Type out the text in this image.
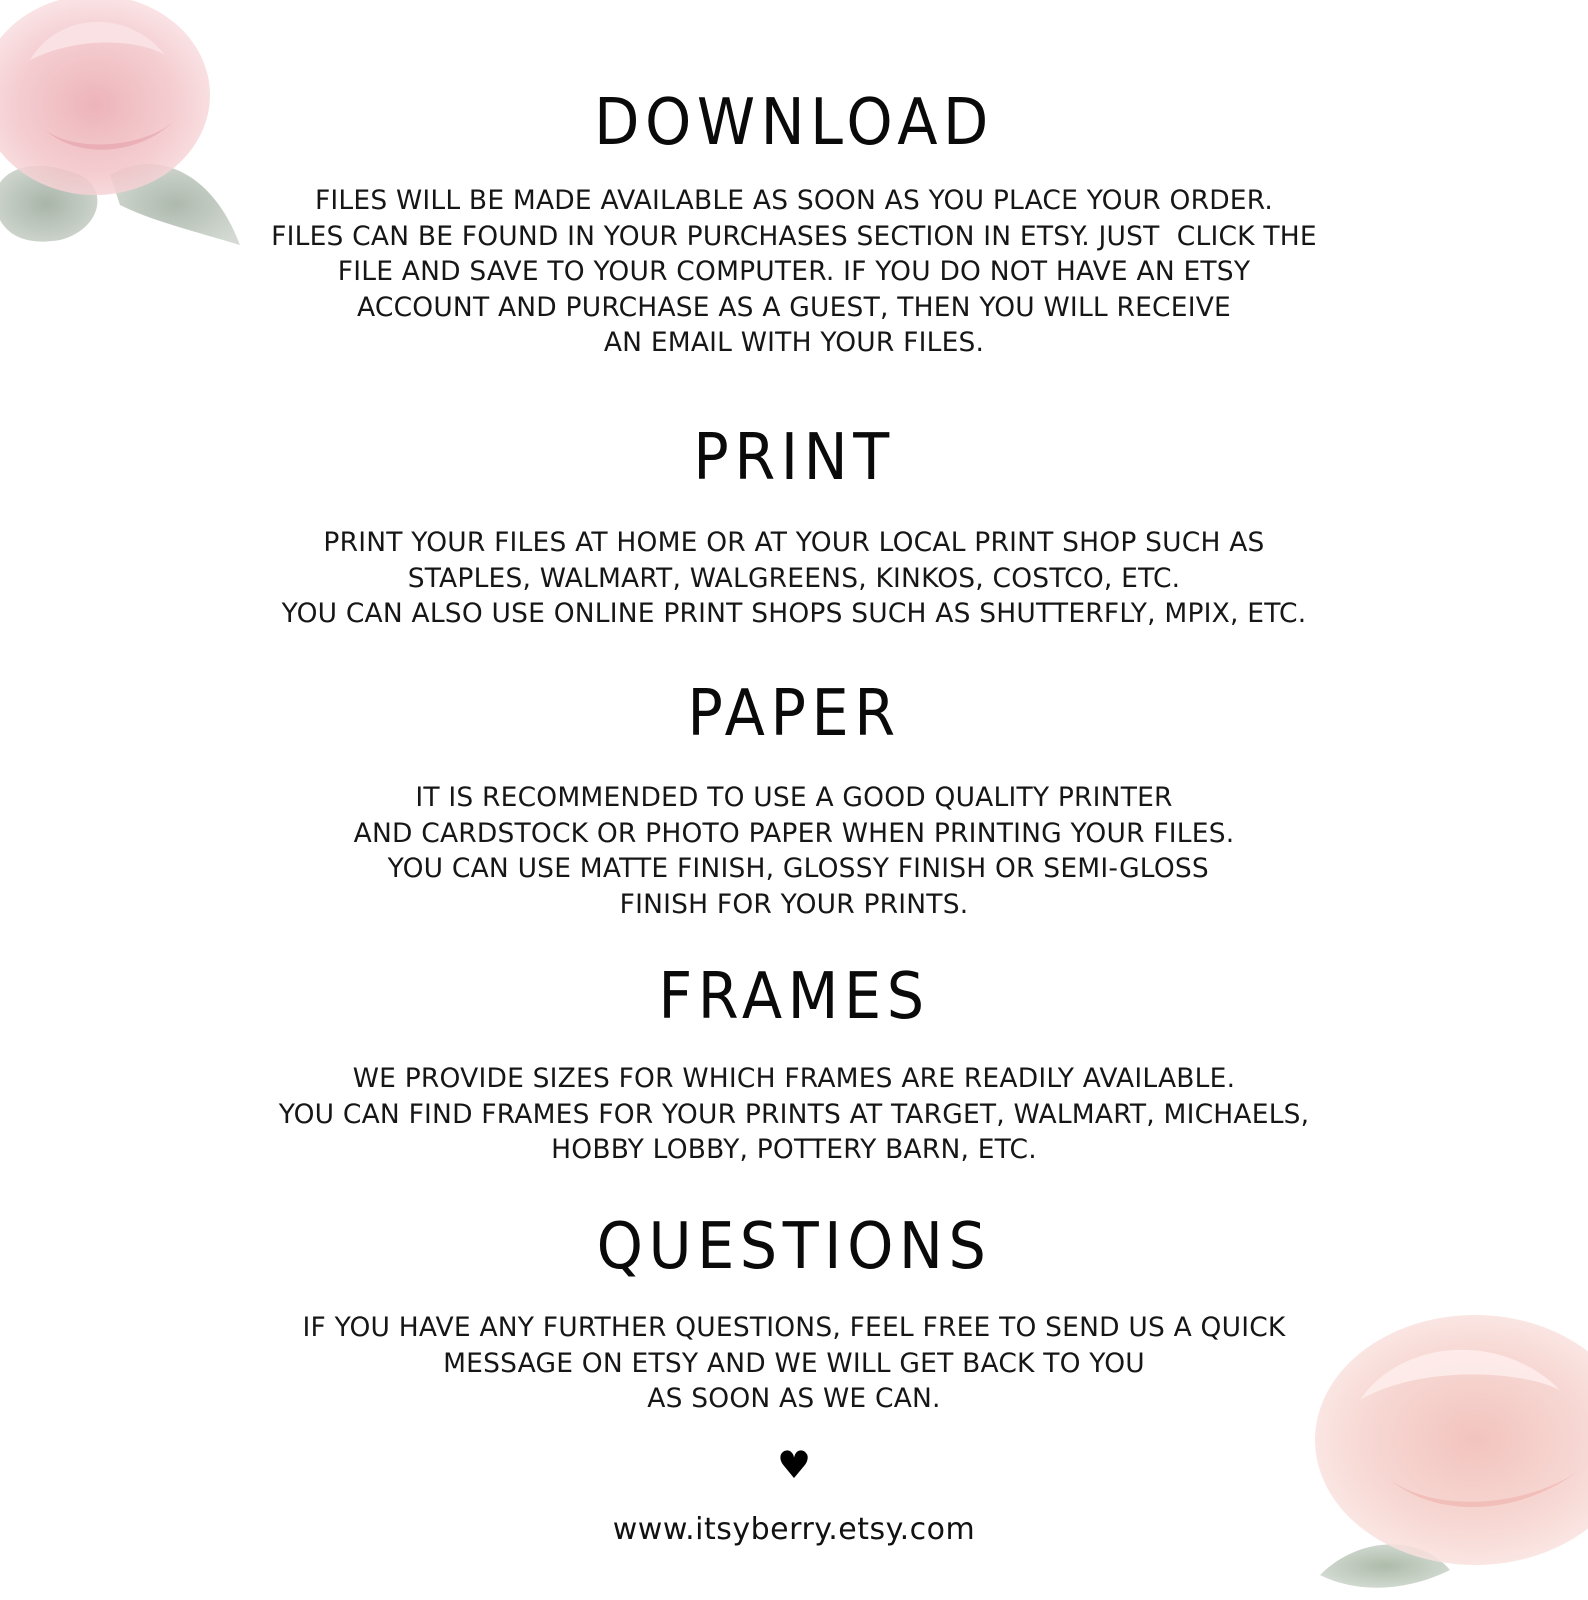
DOWNLOAD
FILES WILL BE MADE AVAILABLE AS SOON AS YOU PLACE YOUR ORDER.
FILES CAN BE FOUND IN YOUR PURCHASES SECTION IN ETSY. JUST  CLICK THE
FILE AND SAVE TO YOUR COMPUTER. IF YOU DO NOT HAVE AN ETSY
ACCOUNT AND PURCHASE AS A GUEST, THEN YOU WILL RECEIVE
AN EMAIL WITH YOUR FILES.
PRINT
PRINT YOUR FILES AT HOME OR AT YOUR LOCAL PRINT SHOP SUCH AS
STAPLES, WALMART, WALGREENS, KINKOS, COSTCO, ETC.
YOU CAN ALSO USE ONLINE PRINT SHOPS SUCH AS SHUTTERFLY, MPIX, ETC.
PAPER
IT IS RECOMMENDED TO USE A GOOD QUALITY PRINTER
AND CARDSTOCK OR PHOTO PAPER WHEN PRINTING YOUR FILES.
YOU CAN USE MATTE FINISH, GLOSSY FINISH OR SEMI-GLOSS
FINISH FOR YOUR PRINTS.
FRAMES
WE PROVIDE SIZES FOR WHICH FRAMES ARE READILY AVAILABLE.
YOU CAN FIND FRAMES FOR YOUR PRINTS AT TARGET, WALMART, MICHAELS,
HOBBY LOBBY, POTTERY BARN, ETC.
QUESTIONS
IF YOU HAVE ANY FURTHER QUESTIONS, FEEL FREE TO SEND US A QUICK
MESSAGE ON ETSY AND WE WILL GET BACK TO YOU
AS SOON AS WE CAN.
♥
www.itsyberry.etsy.com
